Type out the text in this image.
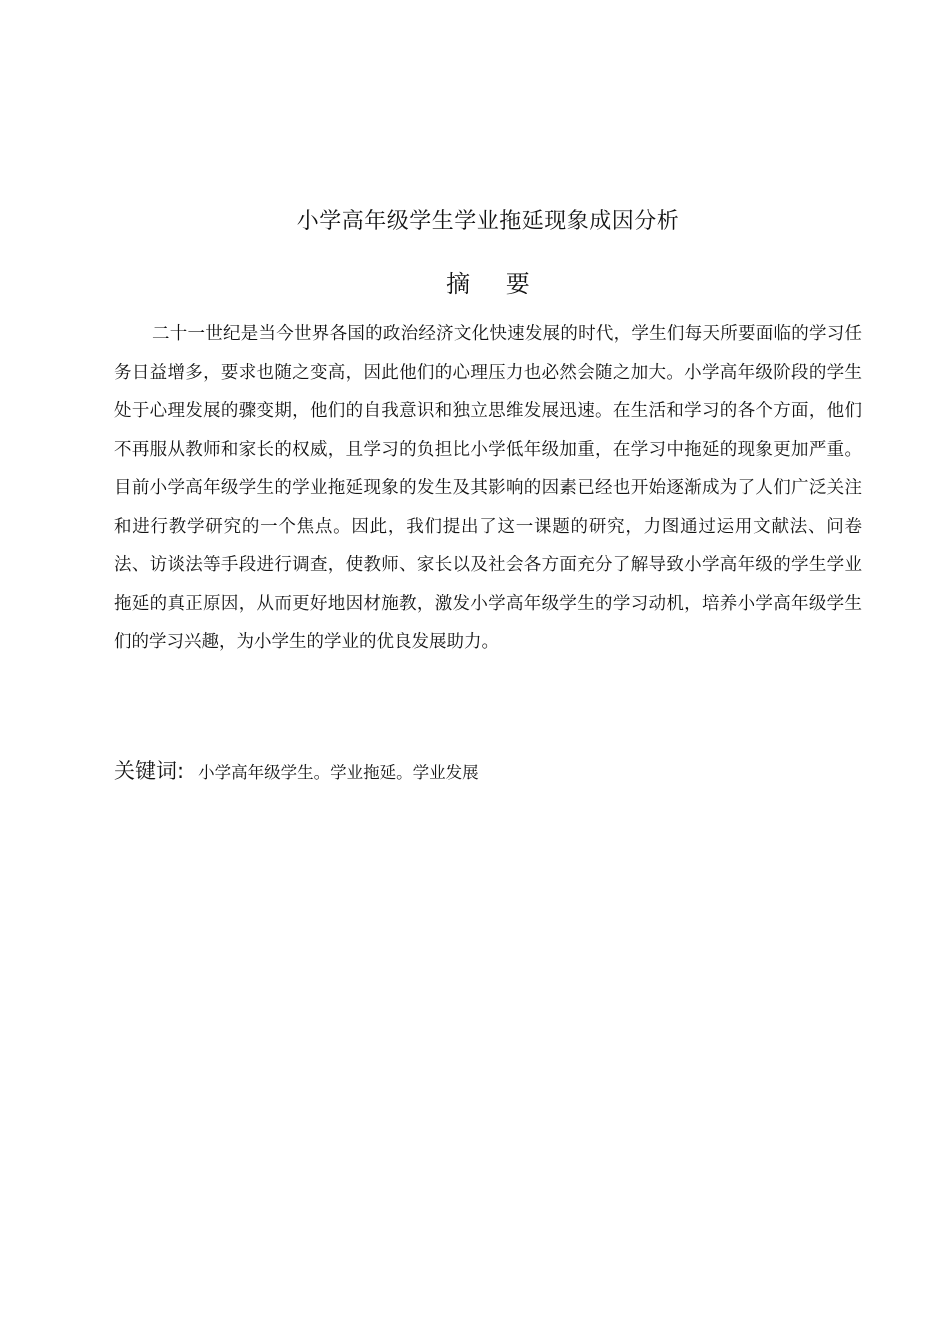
小学高年级学生学业拖延现象成因分析
摘 要

二十一世纪是当今世界各国的政治经济文化快速发展的时代，学生们每天所要面临的学习任务日益增多，要求也随之变高，因此他们的心理压力也必然会随之加大。小学高年级阶段的学生处于心理发展的骤变期，他们的自我意识和独立思维发展迅速。在生活和学习的各个方面，他们不再服从教师和家长的权威，且学习的负担比小学低年级加重，在学习中拖延的现象更加严重。目前小学高年级学生的学业拖延现象的发生及其影响的因素已经也开始逐渐成为了人们广泛关注和进行教学研究的一个焦点。因此，我们提出了这一课题的研究，力图通过运用文献法、问卷法、访谈法等手段进行调查，使教师、家长以及社会各方面充分了解导致小学高年级的学生学业拖延的真正原因，从而更好地因材施教，激发小学高年级学生的学习动机，培养小学高年级学生们的学习兴趣，为小学生的学业的优良发展助力。

关键词: 小学高年级学生。学业拖延。学业发展
